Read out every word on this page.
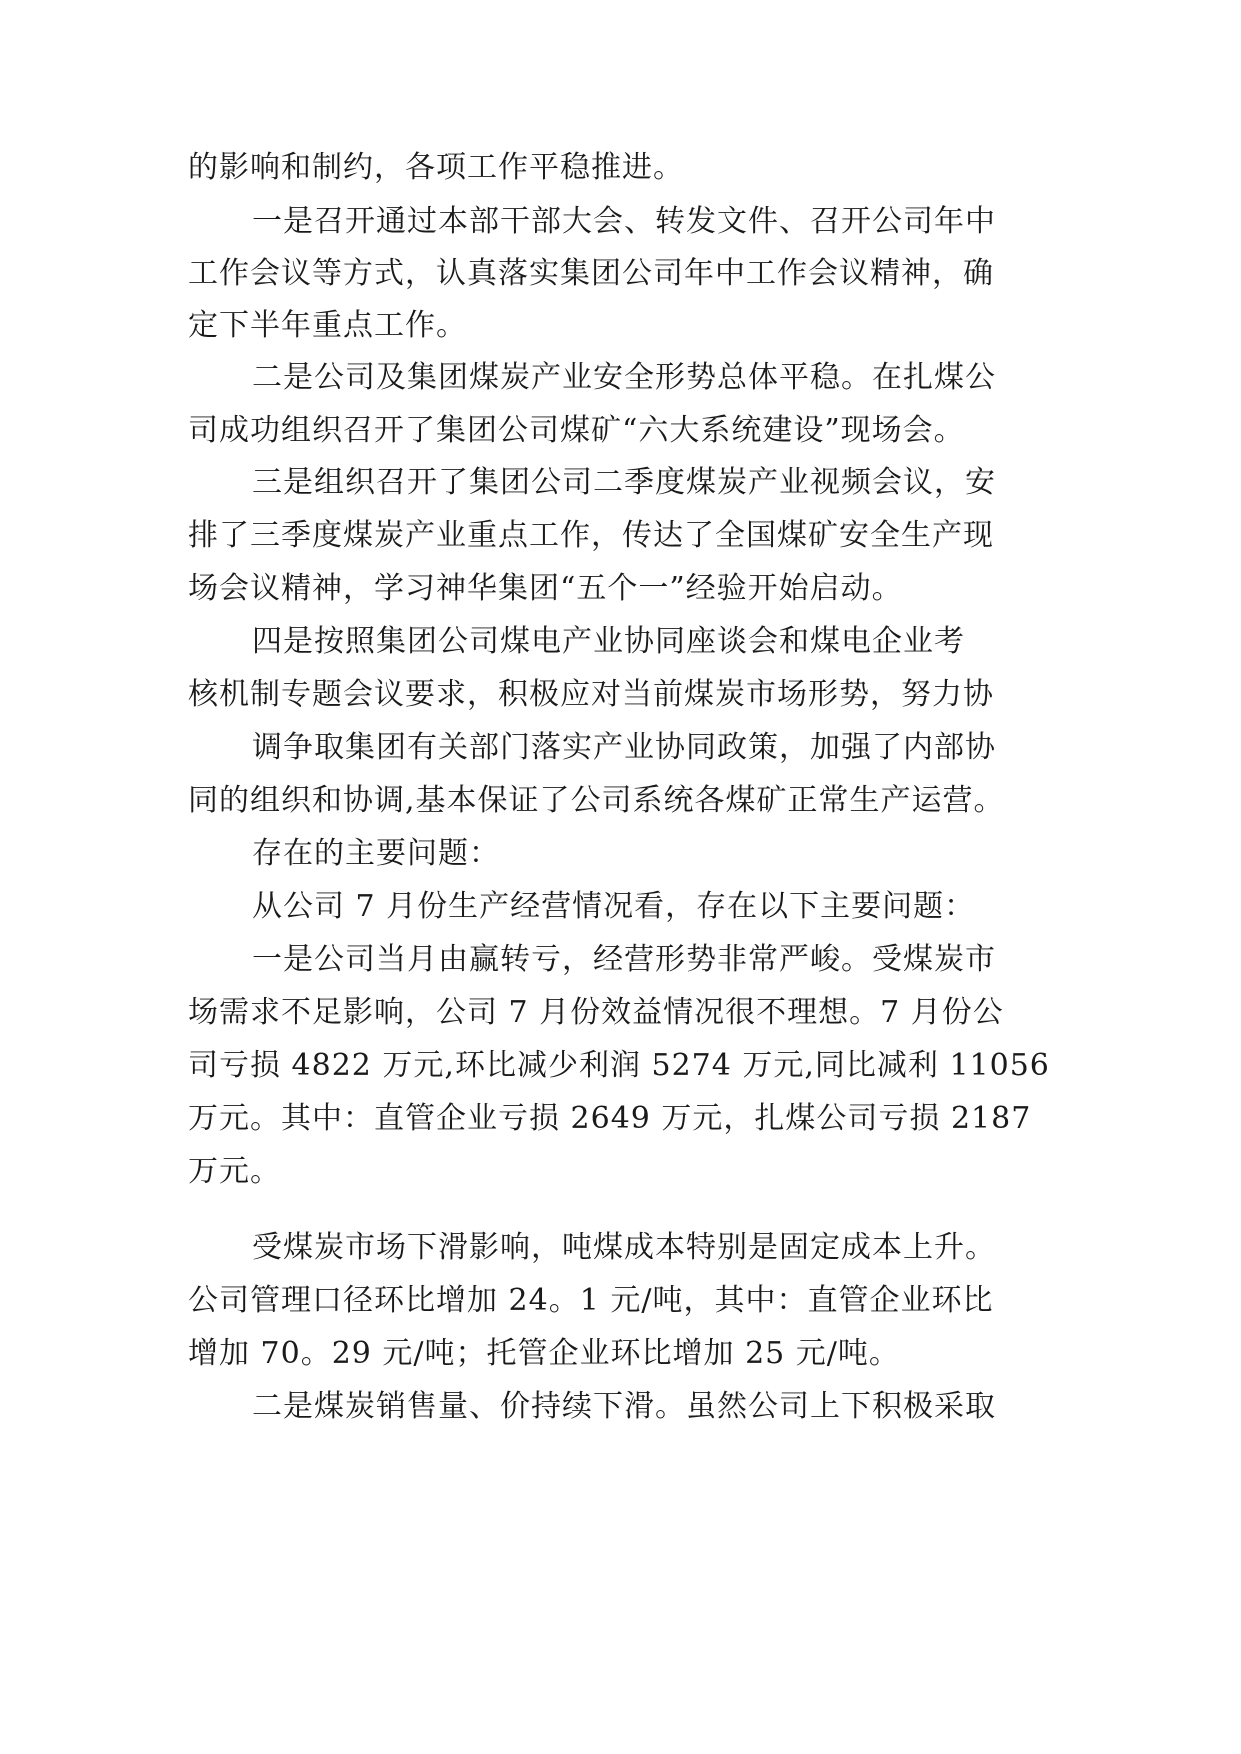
的影响和制约，各项工作平稳推进。
一是召开通过本部干部大会、转发文件、召开公司年中
工作会议等方式，认真落实集团公司年中工作会议精神，确
定下半年重点工作。
二是公司及集团煤炭产业安全形势总体平稳。在扎煤公
司成功组织召开了集团公司煤矿“六大系统建设”现场会。
三是组织召开了集团公司二季度煤炭产业视频会议，安
排了三季度煤炭产业重点工作，传达了全国煤矿安全生产现
场会议精神，学习神华集团“五个一”经验开始启动。
四是按照集团公司煤电产业协同座谈会和煤电企业考
核机制专题会议要求，积极应对当前煤炭市场形势，努力协
调争取集团有关部门落实产业协同政策，加强了内部协
同的组织和协调,基本保证了公司系统各煤矿正常生产运营。
存在的主要问题：
从公司 7 月份生产经营情况看，存在以下主要问题：
一是公司当月由赢转亏，经营形势非常严峻。受煤炭市
场需求不足影响，公司 7 月份效益情况很不理想。7 月份公
司亏损 4822 万元,环比减少利润 5274 万元,同比减利 11056
万元。其中：直管企业亏损 2649 万元，扎煤公司亏损 2187
万元。
受煤炭市场下滑影响，吨煤成本特别是固定成本上升。
公司管理口径环比增加 24。1 元/吨，其中：直管企业环比
增加 70。29 元/吨；托管企业环比增加 25 元/吨。
二是煤炭销售量、价持续下滑。虽然公司上下积极采取
